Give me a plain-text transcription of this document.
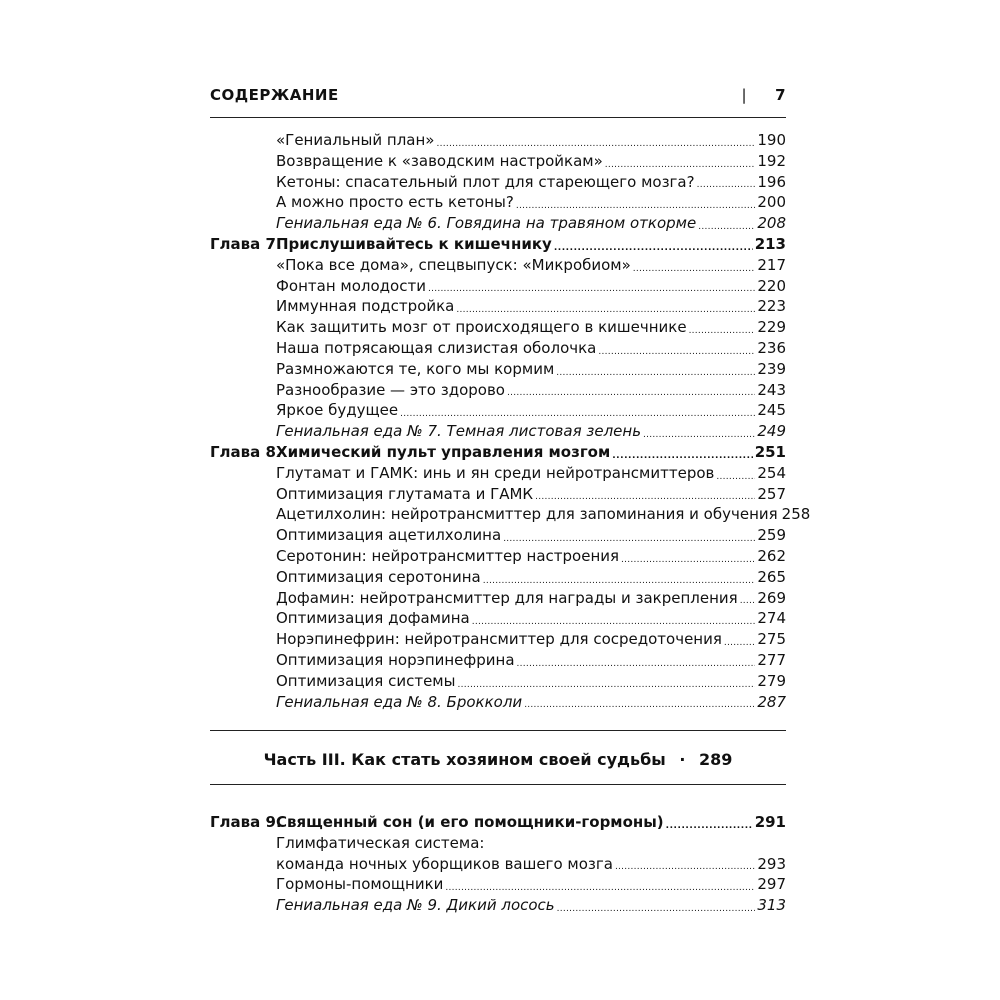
СОДЕРЖАНИЕ	| 7
«Гениальный план» . . .	190
Возвращение к «заводским настройкам» . . .	192
Кетоны: спасательный плот для стареющего мозга? . . .	196
А можно просто есть кетоны? . . .	200
Гениальная еда № 6. Говядина на травяном откорме . . .	208
Глава 7.
Прислушивайтесь к кишечнику . . .	213
«Пока все дома», спецвыпуск: «Микробиом» . . .	217
Фонтан молодости . . .	220
Иммунная подстройка . . .	223
Как защитить мозг от происходящего в кишечнике . . .	229
Наша потрясающая слизистая оболочка . . .	236
Размножаются те, кого мы кормим . . .	239
Разнообразие — это здорово . . .	243
Яркое будущее . . .	245
Гениальная еда № 7. Темная листовая зелень . . .	249
Глава 8.
Химический пульт управления мозгом . . .	251
Глутамат и ГАМК: инь и ян среди нейротрансмиттеров . . .	254
Оптимизация глутамата и ГАМК . . .	257
Ацетилхолин: нейротрансмиттер для запоминания и обучения 258
Оптимизация ацетилхолина . . .	259
Серотонин: нейротрансмиттер настроения . . .	262
Оптимизация серотонина . . .	265
Дофамин: нейротрансмиттер для награды и закрепления . . . 269
Оптимизация дофамина . . .	274
Норэпинефрин: нейротрансмиттер для сосредоточения . . . 275
Оптимизация норэпинефрина . . .	277
Оптимизация системы . . .	279
Гениальная еда № 8. Брокколи . . .	287
Часть III. Как стать хозяином своей судьбы · 289
Глава 9.
Священный сон (и его помощники-гормоны) . . .	291
Глимфатическая система:
команда ночных уборщиков вашего мозга . . .	293
Гормоны-помощники . . .	297
Гениальная еда № 9. Дикий лосось . . .	313
